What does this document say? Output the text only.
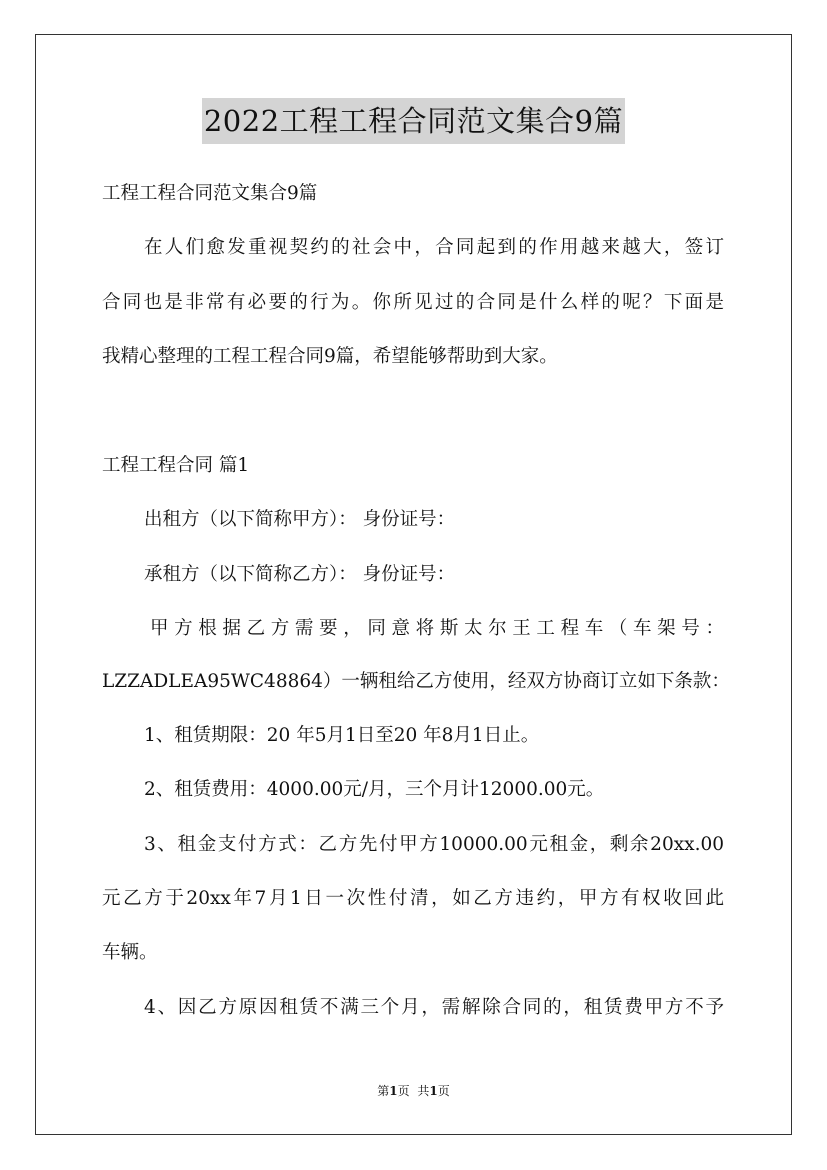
2022工程工程合同范文集合9篇
工程工程合同范文集合9篇
在人们愈发重视契约的社会中，合同起到的作用越来越大，签订
合同也是非常有必要的行为。你所见过的合同是什么样的呢？下面是
我精心整理的工程工程合同9篇，希望能够帮助到大家。
工程工程合同 篇1
出租方（以下简称甲方）： 身份证号：
承租方（以下简称乙方）： 身份证号：
甲方根据乙方需要，同意将斯太尔王工程车（车架号：
LZZADLEA95WC48864）一辆租给乙方使用，经双方协商订立如下条款：
1、租赁期限：20 年5月1日至20 年8月1日止。
2、租赁费用：4000.00元/月，三个月计12000.00元。
3、租金支付方式：乙方先付甲方10000.00元租金，剩余20xx.00
元乙方于20xx年7月1日一次性付清，如乙方违约，甲方有权收回此
车辆。
4、因乙方原因租赁不满三个月，需解除合同的，租赁费甲方不予
第1页 共1页
